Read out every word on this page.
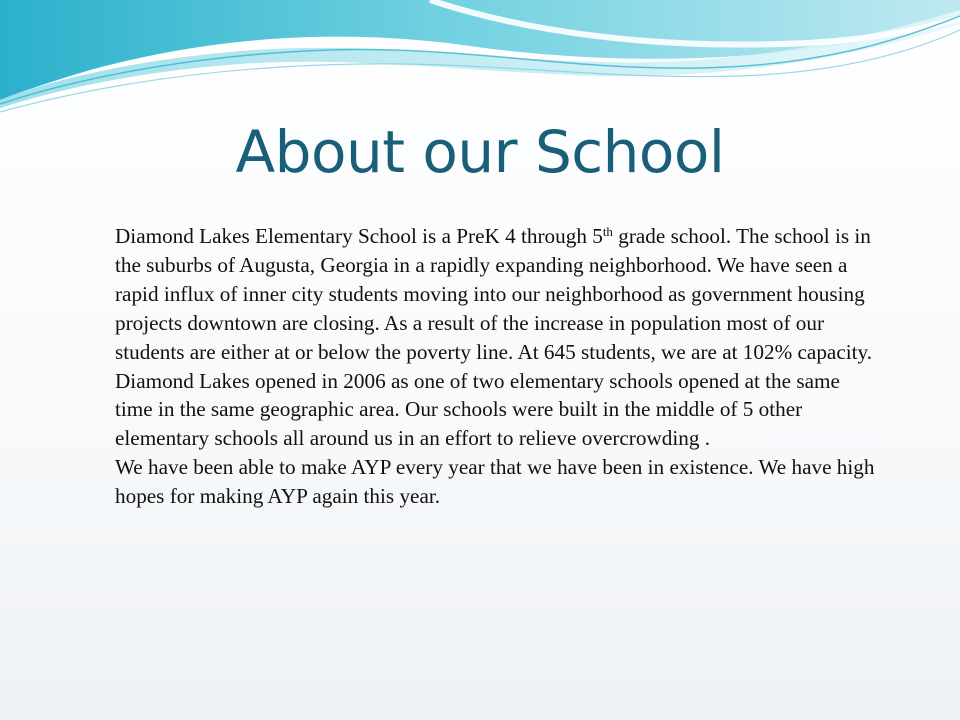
About our School

Diamond Lakes Elementary School is a PreK 4 through 5th grade school. The school is in the suburbs of Augusta, Georgia in a rapidly expanding neighborhood. We have seen a rapid influx of inner city students moving into our neighborhood as government housing projects downtown are closing. As a result of the increase in population most of our students are either at or below the poverty line. At 645 students, we are at 102% capacity.

Diamond Lakes opened in 2006 as one of two elementary schools opened at the same time in the same geographic area. Our schools were built in the middle of 5 other elementary schools all around us in an effort to relieve overcrowding .

We have been able to make AYP every year that we have been in existence. We have high hopes for making AYP again this year.
